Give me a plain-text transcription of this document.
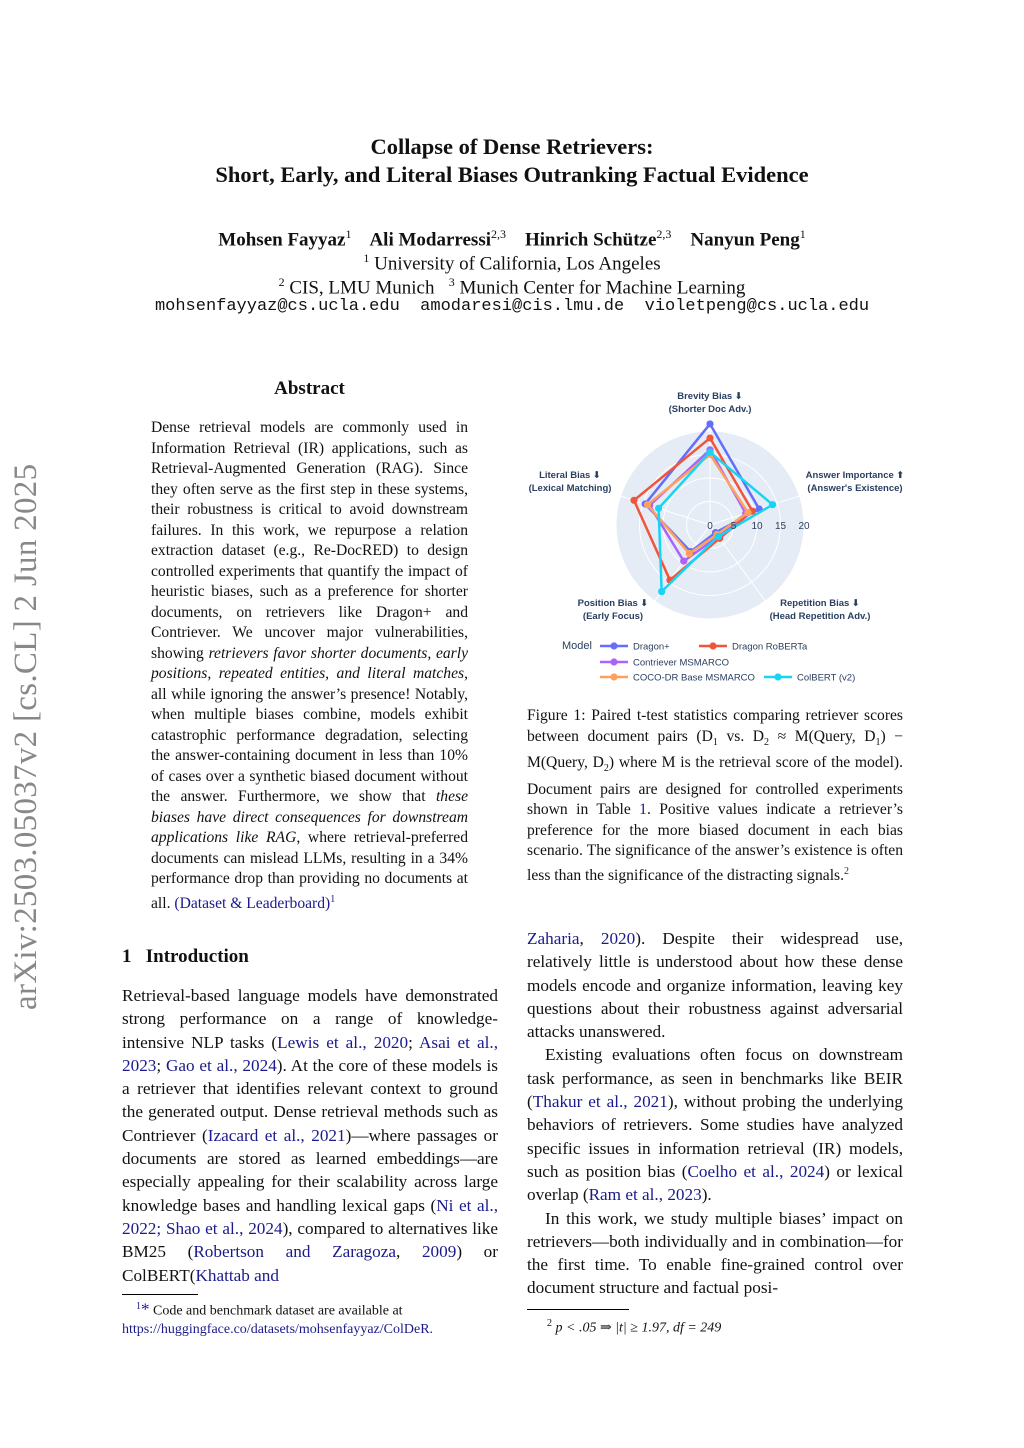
arXiv:2503.05037v2 [cs.CL] 2 Jun 2025
Collapse of Dense Retrievers:
Short, Early, and Literal Biases Outranking Factual Evidence
Mohsen Fayyaz$^1$ Ali Modarressi$^{2,3}$ Hinrich Schütze$^{2,3}$ Nanyun Peng$^1$
$^1$ University of California, Los Angeles
$^2$ CIS, LMU Munich $^3$ Munich Center for Machine Learning
mohsenfayyaz@cs.ucla.edu  amodaresi@cis.lmu.de  violetpeng@cs.ucla.edu
Abstract
Dense retrieval models are commonly used in Information Retrieval (IR) applications, such as Retrieval-Augmented Generation (RAG). Since they often serve as the first step in these systems, their robustness is critical to avoid downstream failures. In this work, we repurpose a relation extraction dataset (e.g., Re-DocRED) to design controlled experiments that quantify the impact of heuristic biases, such as a preference for shorter documents, on retrievers like Dragon+ and Contriever. We uncover major vulnerabilities, showing retrievers favor shorter documents, early positions, repeated entities, and literal matches, all while ignoring the answer’s presence! Notably, when multiple biases combine, models exhibit catastrophic performance degradation, selecting the answer-containing document in less than 10% of cases over a synthetic biased document without the answer. Furthermore, we show that these biases have direct consequences for downstream applications like RAG, where retrieval-preferred documents can mislead LLMs, resulting in a 34% performance drop than providing no documents at all. (Dataset & Leaderboard)$^1$
1 Introduction
Retrieval-based language models have demonstrated strong performance on a range of knowledge-intensive NLP tasks (Lewis et al., 2020; Asai et al., 2023; Gao et al., 2024). At the core of these models is a retriever that identifies relevant context to ground the generated output. Dense retrieval methods such as Contriever (Izacard et al., 2021)—where passages or documents are stored as learned embeddings—are especially appealing for their scalability across large knowledge bases and handling lexical gaps (Ni et al., 2022; Shao et al., 2024), compared to alternatives like BM25 (Robertson and Zaragoza, 2009) or ColBERT(Khattab and
$^1$* Code and benchmark dataset are available at
https://huggingface.co/datasets/mohsenfayyaz/ColDeR.
0 5 10 15 20
Brevity Bias ⬇
(Shorter Doc Adv.)
Answer Importance ⬆
(Answer's Existence)
Repetition Bias ⬇
(Head Repetition Adv.)
Position Bias ⬇
(Early Focus)
Literal Bias ⬇
(Lexical Matching)
Model	Dragon+	Dragon RoBERTa
Contriever MSMARCO
COCO-DR Base MSMARCO	ColBERT (v2)
Figure 1: Paired t-test statistics comparing retriever scores between document pairs ($D_1$ vs. $D_2$ ≈ M(Query, $D_1$) − M(Query, $D_2$) where M is the retrieval score of the model). Document pairs are designed for controlled experiments shown in Table 1. Positive values indicate a retriever’s preference for the more biased document in each bias scenario. The significance of the answer’s existence is often less than the significance of the distracting signals.$^2$
Zaharia, 2020). Despite their widespread use, relatively little is understood about how these dense models encode and organize information, leaving key questions about their robustness against adversarial attacks unanswered.
Existing evaluations often focus on downstream task performance, as seen in benchmarks like BEIR (Thakur et al., 2021), without probing the underlying behaviors of retrievers. Some studies have analyzed specific issues in information retrieval (IR) models, such as position bias (Coelho et al., 2024) or lexical overlap (Ram et al., 2023).
In this work, we study multiple biases’ impact on retrievers—both individually and in combination—for the first time. To enable fine-grained control over document structure and factual posi-
$^2$ p < .05 ⇒ |t| ≥ 1.97, df = 249
